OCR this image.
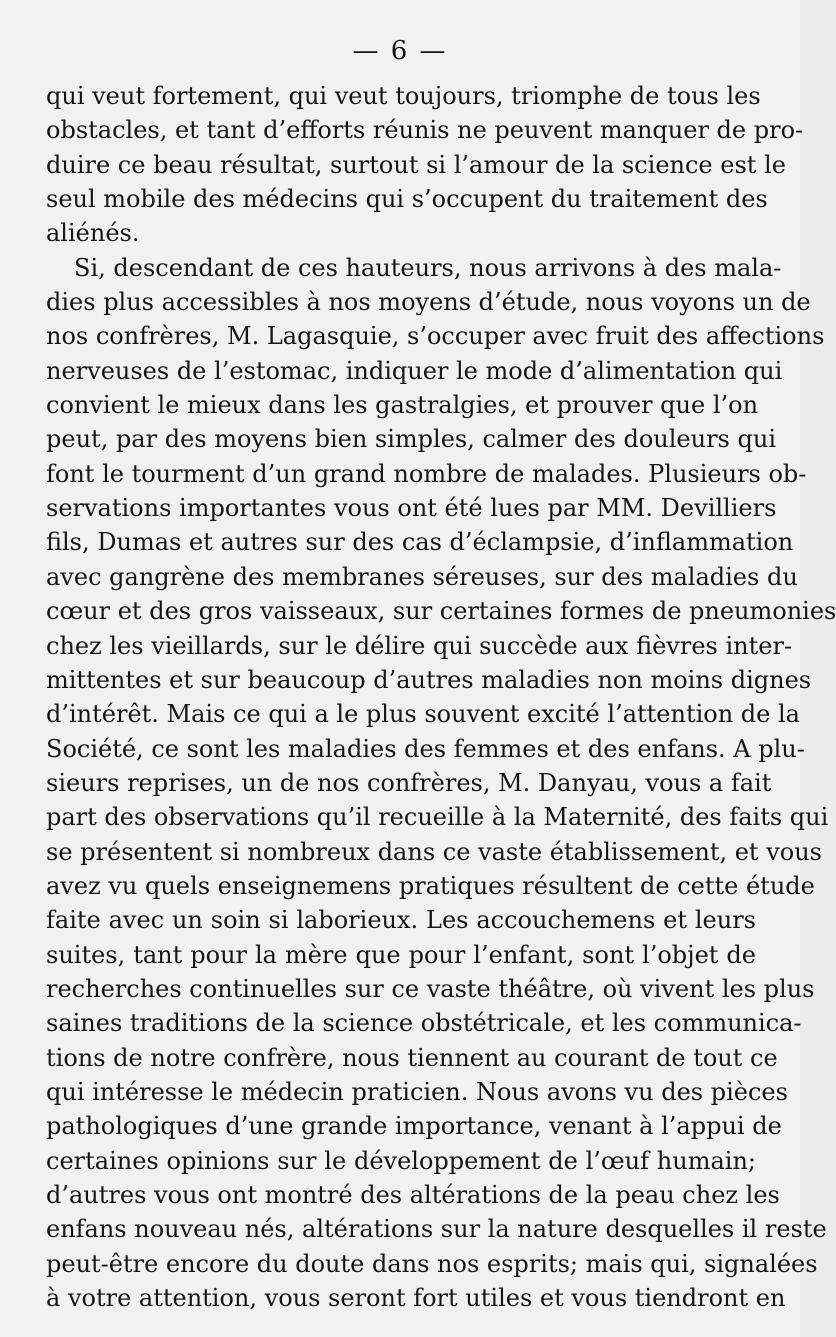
— 6 —
qui veut fortement, qui veut toujours, triomphe de tous les
obstacles, et tant d’efforts réunis ne peuvent manquer de pro-
duire ce beau résultat, surtout si l’amour de la science est le
seul mobile des médecins qui s’occupent du traitement des
aliénés.
Si, descendant de ces hauteurs, nous arrivons à des mala-
dies plus accessibles à nos moyens d’étude, nous voyons un de
nos confrères, M. Lagasquie, s’occuper avec fruit des affections
nerveuses de l’estomac, indiquer le mode d’alimentation qui
convient le mieux dans les gastralgies, et prouver que l’on
peut, par des moyens bien simples, calmer des douleurs qui
font le tourment d’un grand nombre de malades. Plusieurs ob-
servations importantes vous ont été lues par MM. Devilliers
fils, Dumas et autres sur des cas d’éclampsie, d’inflammation
avec gangrène des membranes séreuses, sur des maladies du
cœur et des gros vaisseaux, sur certaines formes de pneumonies
chez les vieillards, sur le délire qui succède aux fièvres inter-
mittentes et sur beaucoup d’autres maladies non moins dignes
d’intérêt. Mais ce qui a le plus souvent excité l’attention de la
Société, ce sont les maladies des femmes et des enfans. A plu-
sieurs reprises, un de nos confrères, M. Danyau, vous a fait
part des observations qu’il recueille à la Maternité, des faits qui
se présentent si nombreux dans ce vaste établissement, et vous
avez vu quels enseignemens pratiques résultent de cette étude
faite avec un soin si laborieux. Les accouchemens et leurs
suites, tant pour la mère que pour l’enfant, sont l’objet de
recherches continuelles sur ce vaste théâtre, où vivent les plus
saines traditions de la science obstétricale, et les communica-
tions de notre confrère, nous tiennent au courant de tout ce
qui intéresse le médecin praticien. Nous avons vu des pièces
pathologiques d’une grande importance, venant à l’appui de
certaines opinions sur le développement de l’œuf humain;
d’autres vous ont montré des altérations de la peau chez les
enfans nouveau nés, altérations sur la nature desquelles il reste
peut-être encore du doute dans nos esprits; mais qui, signalées
à votre attention, vous seront fort utiles et vous tiendront en
